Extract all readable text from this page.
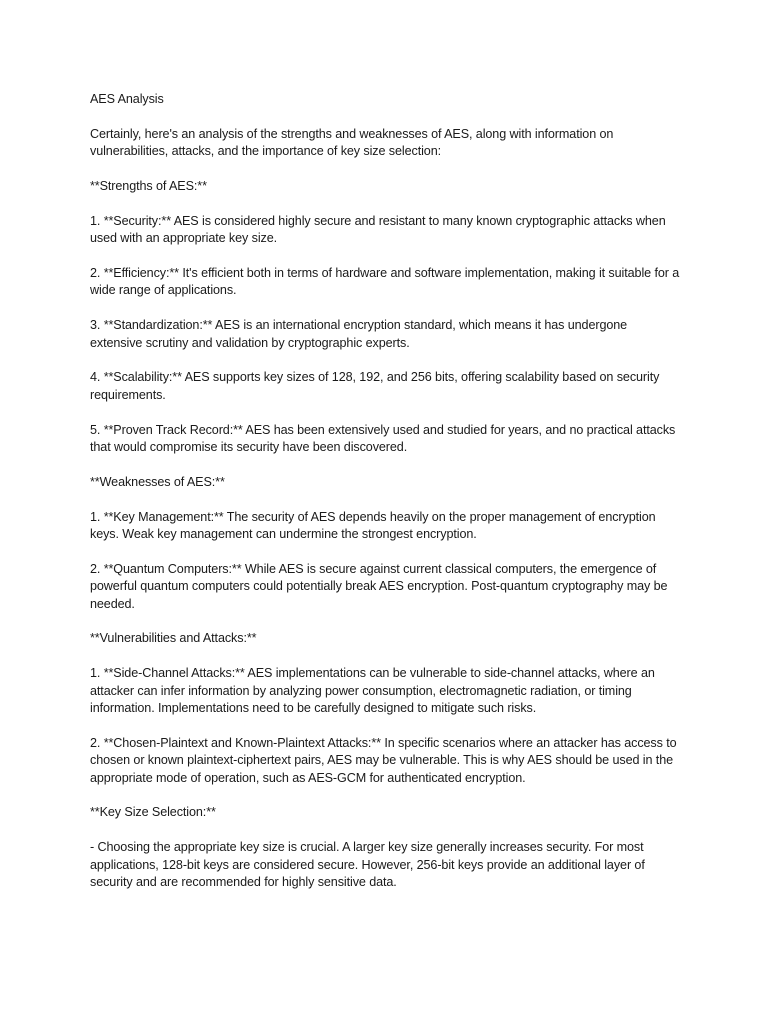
AES Analysis

Certainly, here's an analysis of the strengths and weaknesses of AES, along with information on vulnerabilities, attacks, and the importance of key size selection:

**Strengths of AES:**

1. **Security:** AES is considered highly secure and resistant to many known cryptographic attacks when used with an appropriate key size.

2. **Efficiency:** It's efficient both in terms of hardware and software implementation, making it suitable for a wide range of applications.

3. **Standardization:** AES is an international encryption standard, which means it has undergone extensive scrutiny and validation by cryptographic experts.

4. **Scalability:** AES supports key sizes of 128, 192, and 256 bits, offering scalability based on security requirements.

5. **Proven Track Record:** AES has been extensively used and studied for years, and no practical attacks that would compromise its security have been discovered.

**Weaknesses of AES:**

1. **Key Management:** The security of AES depends heavily on the proper management of encryption keys. Weak key management can undermine the strongest encryption.

2. **Quantum Computers:** While AES is secure against current classical computers, the emergence of powerful quantum computers could potentially break AES encryption. Post-quantum cryptography may be needed.

**Vulnerabilities and Attacks:**

1. **Side-Channel Attacks:** AES implementations can be vulnerable to side-channel attacks, where an attacker can infer information by analyzing power consumption, electromagnetic radiation, or timing information. Implementations need to be carefully designed to mitigate such risks.

2. **Chosen-Plaintext and Known-Plaintext Attacks:** In specific scenarios where an attacker has access to chosen or known plaintext-ciphertext pairs, AES may be vulnerable. This is why AES should be used in the appropriate mode of operation, such as AES-GCM for authenticated encryption.

**Key Size Selection:**

- Choosing the appropriate key size is crucial. A larger key size generally increases security. For most applications, 128-bit keys are considered secure. However, 256-bit keys provide an additional layer of security and are recommended for highly sensitive data.
